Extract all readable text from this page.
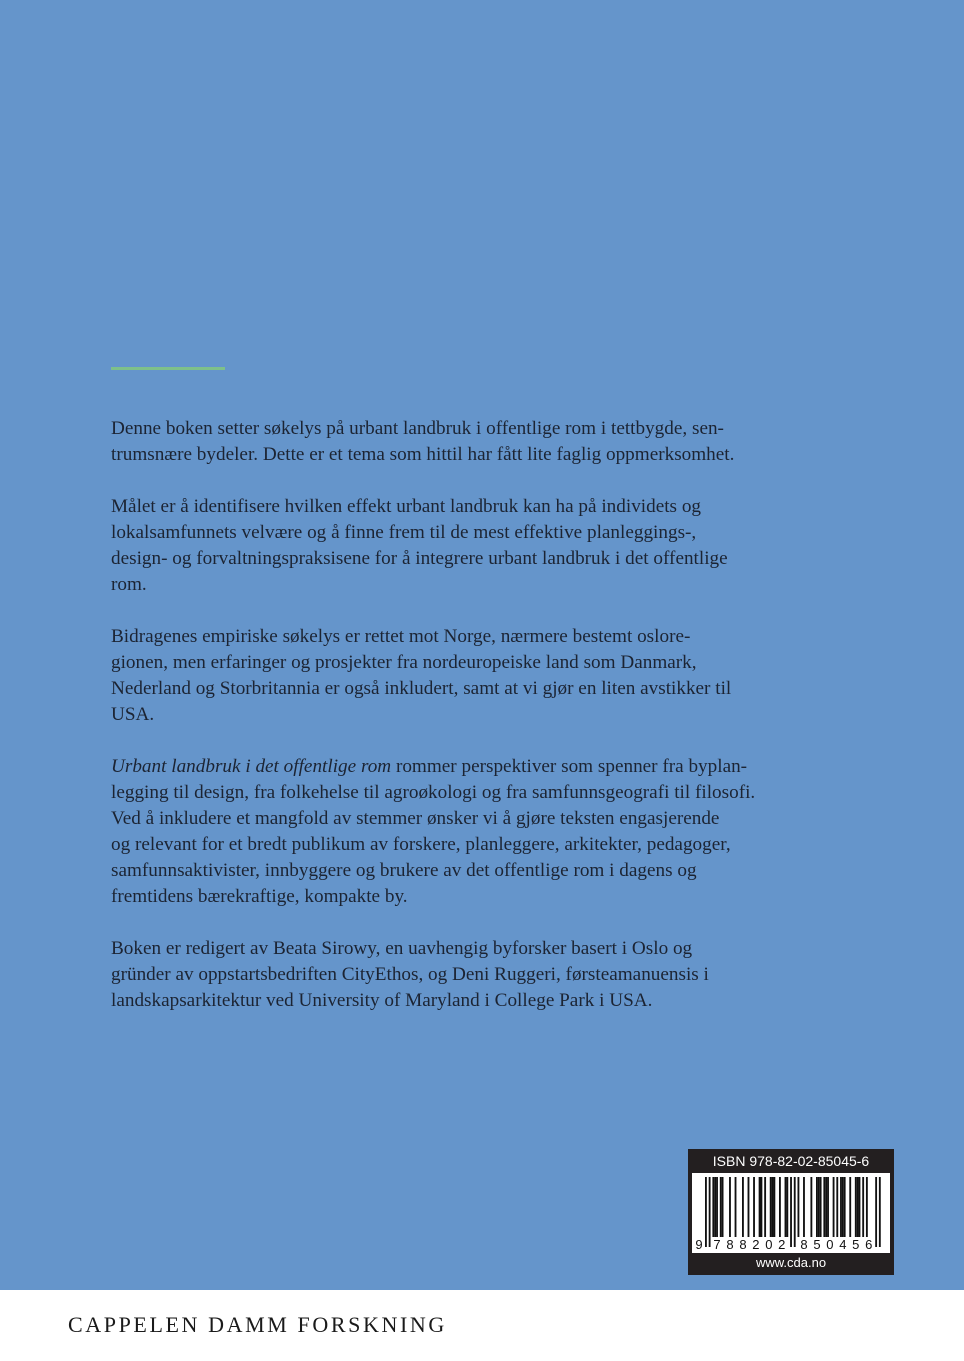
Denne boken setter søkelys på urbant landbruk i offentlige rom i tettbygde, sen-
trumsnære bydeler. Dette er et tema som hittil har fått lite faglig oppmerksomhet.

Målet er å identifisere hvilken effekt urbant landbruk kan ha på individets og
lokalsamfunnets velvære og å finne frem til de mest effektive planleggings-,
design- og forvaltningspraksisene for å integrere urbant landbruk i det offentlige
rom.

Bidragenes empiriske søkelys er rettet mot Norge, nærmere bestemt oslore-
gionen, men erfaringer og prosjekter fra nordeuropeiske land som Danmark,
Nederland og Storbritannia er også inkludert, samt at vi gjør en liten avstikker til
USA.

Urbant landbruk i det offentlige rom rommer perspektiver som spenner fra byplan-
legging til design, fra folkehelse til agroøkologi og fra samfunnsgeografi til filosofi.
Ved å inkludere et mangfold av stemmer ønsker vi å gjøre teksten engasjerende
og relevant for et bredt publikum av forskere, planleggere, arkitekter, pedagoger,
samfunnsaktivister, innbyggere og brukere av det offentlige rom i dagens og
fremtidens bærekraftige, kompakte by.

Boken er redigert av Beata Sirowy, en uavhengig byforsker basert i Oslo og
gründer av oppstartsbedriften CityEthos, og Deni Ruggeri, førsteamanuensis i
landskapsarkitektur ved University of Maryland i College Park i USA.

ISBN 978-82-02-85045-6
9 7 8 8 2 0 2 8 5 0 4 5 6
www.cda.no
CAPPELEN DAMM FORSKNING
